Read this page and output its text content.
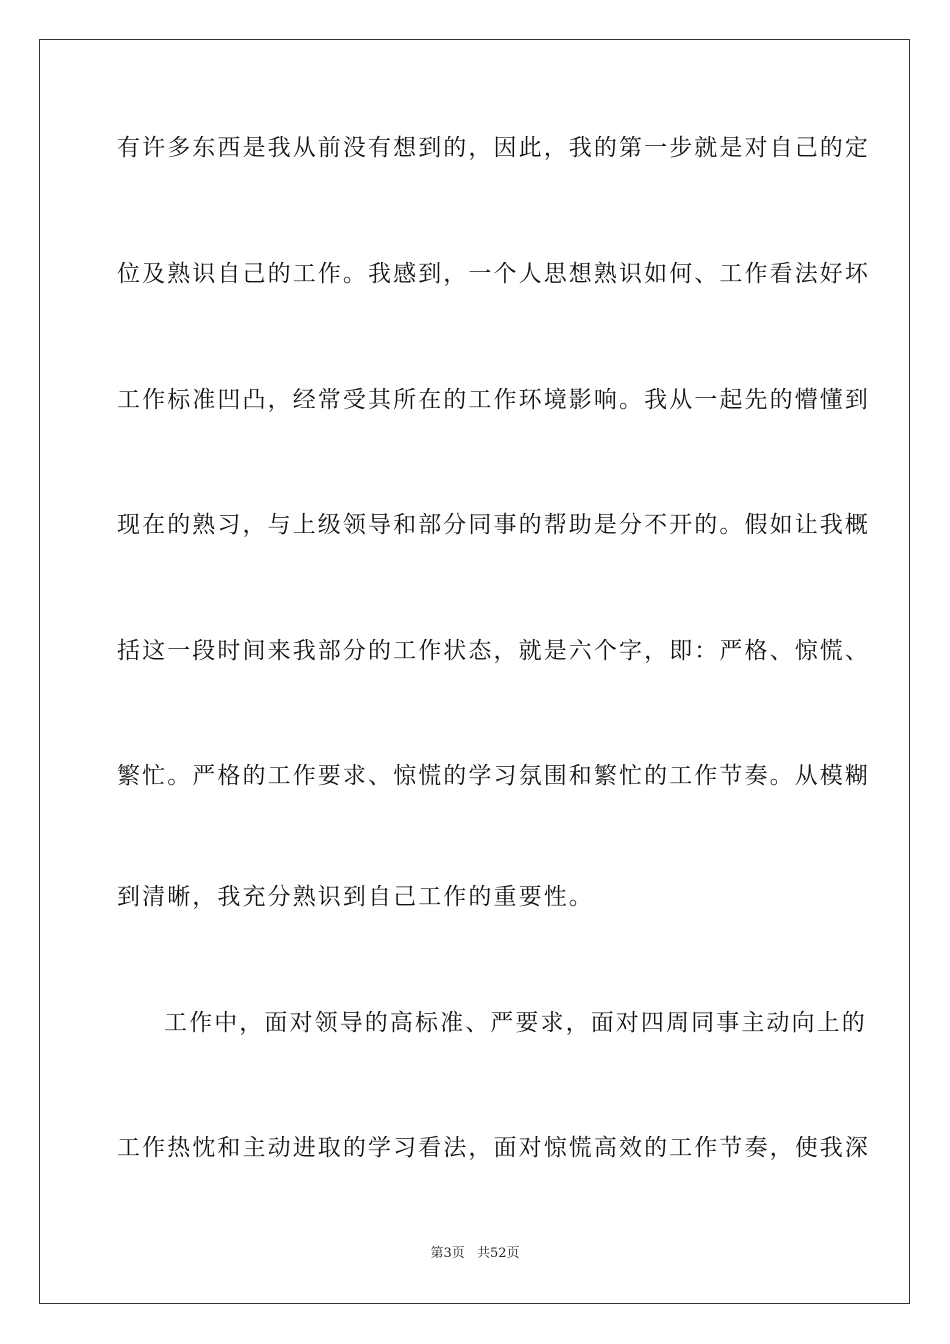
有许多东西是我从前没有想到的，因此，我的第一步就是对自己的定
位及熟识自己的工作。我感到，一个人思想熟识如何、工作看法好坏
工作标准凹凸，经常受其所在的工作环境影响。我从一起先的懵懂到
现在的熟习，与上级领导和部分同事的帮助是分不开的。假如让我概
括这一段时间来我部分的工作状态，就是六个字，即：严格、惊慌、
繁忙。严格的工作要求、惊慌的学习氛围和繁忙的工作节奏。从模糊
到清晰，我充分熟识到自己工作的重要性。
工作中，面对领导的高标准、严要求，面对四周同事主动向上的
工作热忱和主动进取的学习看法，面对惊慌高效的工作节奏，使我深
第3页 共52页
